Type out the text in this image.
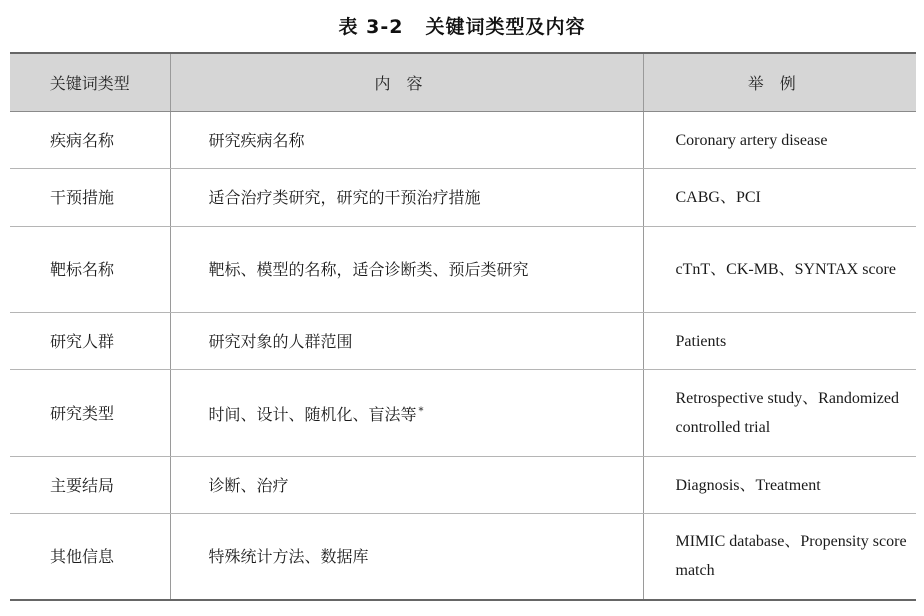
表 3-2 关键词类型及内容
关键词类型	内容	举例
疾病名称	研究疾病名称	Coronary artery disease
干预措施	适合治疗类研究，研究的干预治疗措施	CABG、PCI
靶标名称	靶标、模型的名称，适合诊断类、预后类研究	cTnT、CK-MB、SYNTAX score
研究人群	研究对象的人群范围	Patients
研究类型	时间、设计、随机化、盲法等 *	Retrospective study、Randomized controlled trial
主要结局	诊断、治疗	Diagnosis、Treatment
其他信息	特殊统计方法、数据库	MIMIC database、Propensity score match
